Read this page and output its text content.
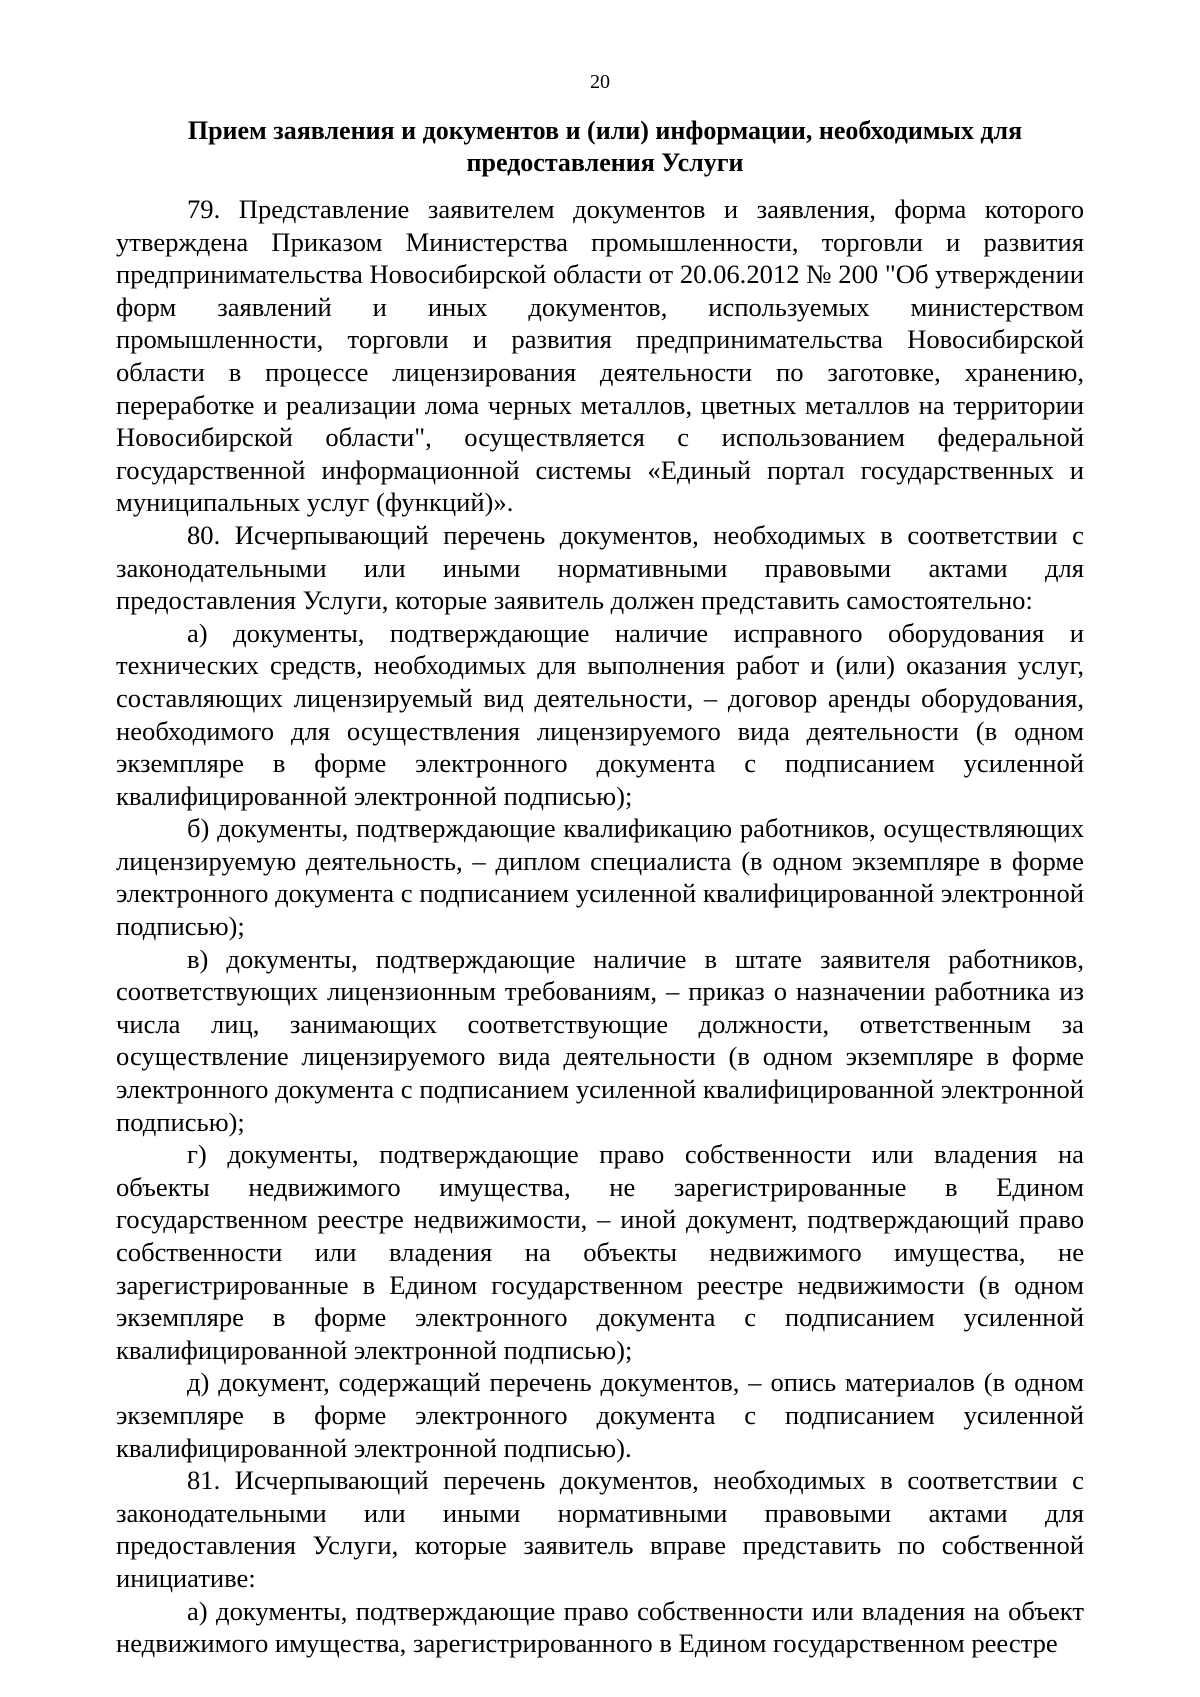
20
Прием заявления и документов и (или) информации, необходимых для
предоставления Услуги

79. Представление заявителем документов и заявления, форма которого утверждена Приказом Министерства промышленности, торговли и развития предпринимательства Новосибирской области от 20.06.2012 № 200 "Об утверждении форм заявлений и иных документов, используемых министерством промышленности, торговли и развития предпринимательства Новосибирской области в процессе лицензирования деятельности по заготовке, хранению, переработке и реализации лома черных металлов, цветных металлов на территории Новосибирской области", осуществляется с использованием федеральной государственной информационной системы «Единый портал государственных и муниципальных услуг (функций)».

80. Исчерпывающий перечень документов, необходимых в соответствии с законодательными или иными нормативными правовыми актами для предоставления Услуги, которые заявитель должен представить самостоятельно:

а) документы, подтверждающие наличие исправного оборудования и технических средств, необходимых для выполнения работ и (или) оказания услуг, составляющих лицензируемый вид деятельности, – договор аренды оборудования, необходимого для осуществления лицензируемого вида деятельности (в одном экземпляре в форме электронного документа с подписанием усиленной квалифицированной электронной подписью);

б) документы, подтверждающие квалификацию работников, осуществляющих лицензируемую деятельность, – диплом специалиста (в одном экземпляре в форме электронного документа с подписанием усиленной квалифицированной электронной подписью);

в) документы, подтверждающие наличие в штате заявителя работников, соответствующих лицензионным требованиям, – приказ о назначении работника из числа лиц, занимающих соответствующие должности, ответственным за осуществление лицензируемого вида деятельности (в одном экземпляре в форме электронного документа с подписанием усиленной квалифицированной электронной подписью);

г) документы, подтверждающие право собственности или владения на объекты недвижимого имущества, не зарегистрированные в Едином государственном реестре недвижимости, – иной документ, подтверждающий право собственности или владения на объекты недвижимого имущества, не зарегистрированные в Едином государственном реестре недвижимости (в одном экземпляре в форме электронного документа с подписанием усиленной квалифицированной электронной подписью);

д) документ, содержащий перечень документов, – опись материалов (в одном экземпляре в форме электронного документа с подписанием усиленной квалифицированной электронной подписью).

81. Исчерпывающий перечень документов, необходимых в соответствии с законодательными или иными нормативными правовыми актами для предоставления Услуги, которые заявитель вправе представить по собственной инициативе:

а) документы, подтверждающие право собственности или владения на объект недвижимого имущества, зарегистрированного в Едином государственном реестре
